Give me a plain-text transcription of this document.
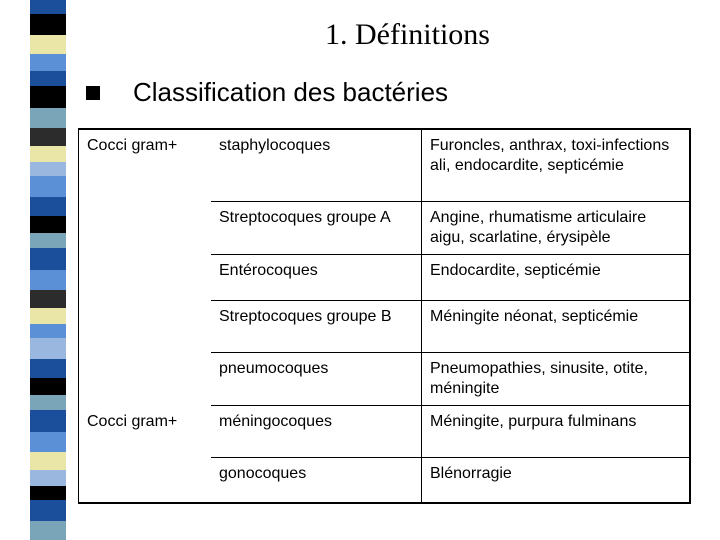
1. Définitions
Classification des bactéries
Cocci gram+	staphylocoques	Furoncles, anthrax, toxi-infections ali, endocardite, septicémie
	Streptocoques groupe A	Angine, rhumatisme articulaire aigu, scarlatine, érysipèle
	Entérocoques	Endocardite, septicémie
	Streptocoques groupe B	Méningite néonat, septicémie
	pneumocoques	Pneumopathies, sinusite, otite, méningite
Cocci gram+	méningocoques	Méningite, purpura fulminans
	gonocoques	Blénorragie
